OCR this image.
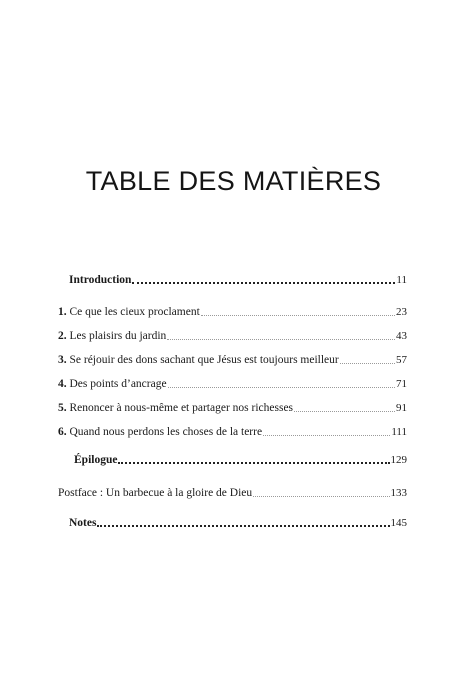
TABLE DES MATIÈRES
Introduction	11
1. Ce que les cieux proclament	23
2. Les plaisirs du jardin	43
3. Se réjouir des dons sachant que Jésus est toujours meilleur	57
4. Des points d’ancrage	71
5. Renoncer à nous-même et partager nos richesses	91
6. Quand nous perdons les choses de la terre	111
Épilogue	129
Postface : Un barbecue à la gloire de Dieu	133
Notes	145
